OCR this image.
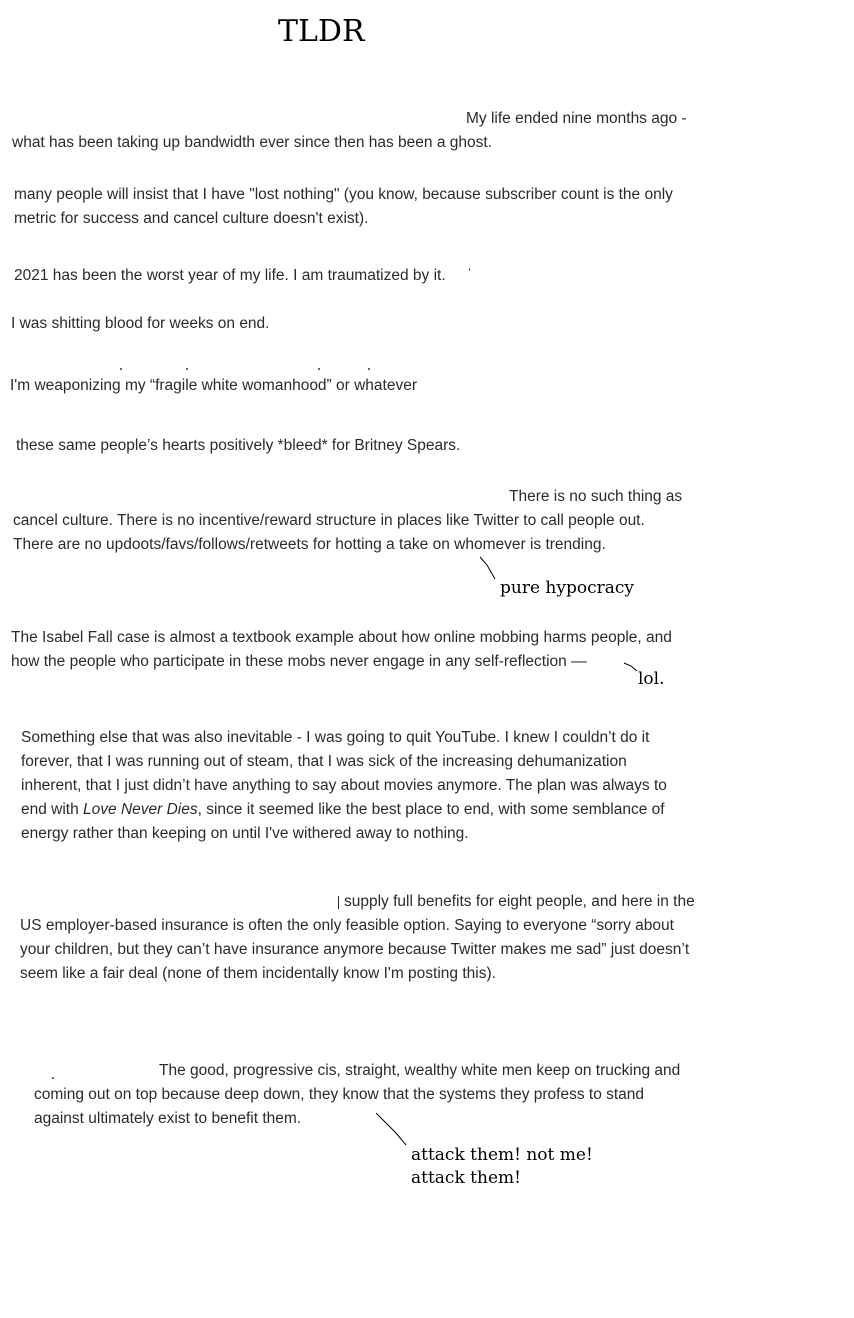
TLDR

My life ended nine months ago -

what has been taking up bandwidth ever since then has been a ghost.

many people will insist that I have "lost nothing" (you know, because subscriber count is the only

metric for success and cancel culture doesn't exist).

2021 has been the worst year of my life. I am traumatized by it.

I was shitting blood for weeks on end.

I'm weaponizing my “fragile white womanhood” or whatever

these same people’s hearts positively *bleed* for Britney Spears.

There is no such thing as

cancel culture. There is no incentive/reward structure in places like Twitter to call people out.

There are no updoots/favs/follows/retweets for hotting a take on whomever is trending.

pure hypocracy

The Isabel Fall case is almost a textbook example about how online mobbing harms people, and

how the people who participate in these mobs never engage in any self-reflection —

lol.

Something else that was also inevitable - I was going to quit YouTube. I knew I couldn’t do it

forever, that I was running out of steam, that I was sick of the increasing dehumanization

inherent, that I just didn’t have anything to say about movies anymore. The plan was always to

end with Love Never Dies, since it seemed like the best place to end, with some semblance of

energy rather than keeping on until I've withered away to nothing.

supply full benefits for eight people, and here in the

US employer-based insurance is often the only feasible option. Saying to everyone “sorry about

your children, but they can’t have insurance anymore because Twitter makes me sad” just doesn’t

seem like a fair deal (none of them incidentally know I'm posting this).

The good, progressive cis, straight, wealthy white men keep on trucking and

coming out on top because deep down, they know that the systems they profess to stand

against ultimately exist to benefit them.

attack them! not me!

attack them!
